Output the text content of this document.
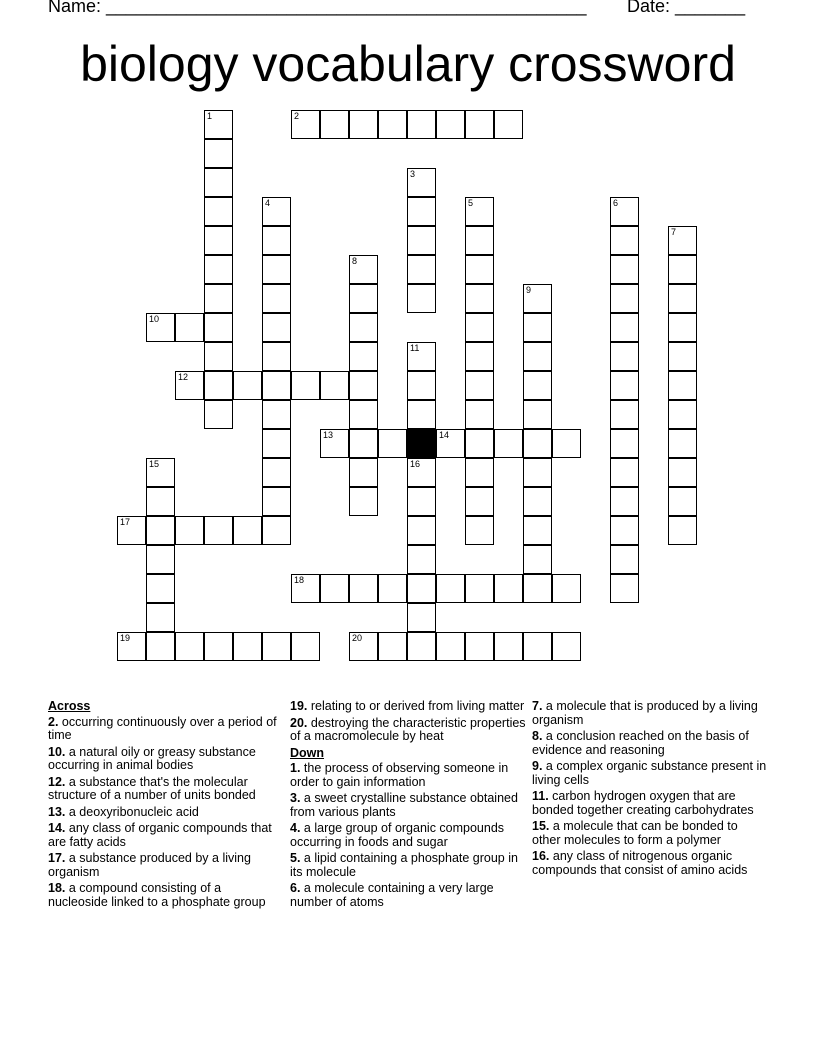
Name: ________________________________________________ Date: _______
biology vocabulary crossword
2
10
12
13	14
17
18
19	20
1
3
4	5	6
7
8
9
11
16
15
Across
2. occurring continuously over a period of time
10. a natural oily or greasy substance occurring in animal bodies
12. a substance that's the molecular structure of a number of units bonded
13. a deoxyribonucleic acid
14. any class of organic compounds that are fatty acids
17. a substance produced by a living organism
18. a compound consisting of a nucleoside linked to a phosphate group
19. relating to or derived from living matter
20. destroying the characteristic properties of a macromolecule by heat
Down
1. the process of observing someone in order to gain information
3. a sweet crystalline substance obtained from various plants
4. a large group of organic compounds occurring in foods and sugar
5. a lipid containing a phosphate group in its molecule
6. a molecule containing a very large number of atoms
7. a molecule that is produced by a living organism
8. a conclusion reached on the basis of evidence and reasoning
9. a complex organic substance present in living cells
11. carbon hydrogen oxygen that are bonded together creating carbohydrates
15. a molecule that can be bonded to other molecules to form a polymer
16. any class of nitrogenous organic compounds that consist of amino acids
